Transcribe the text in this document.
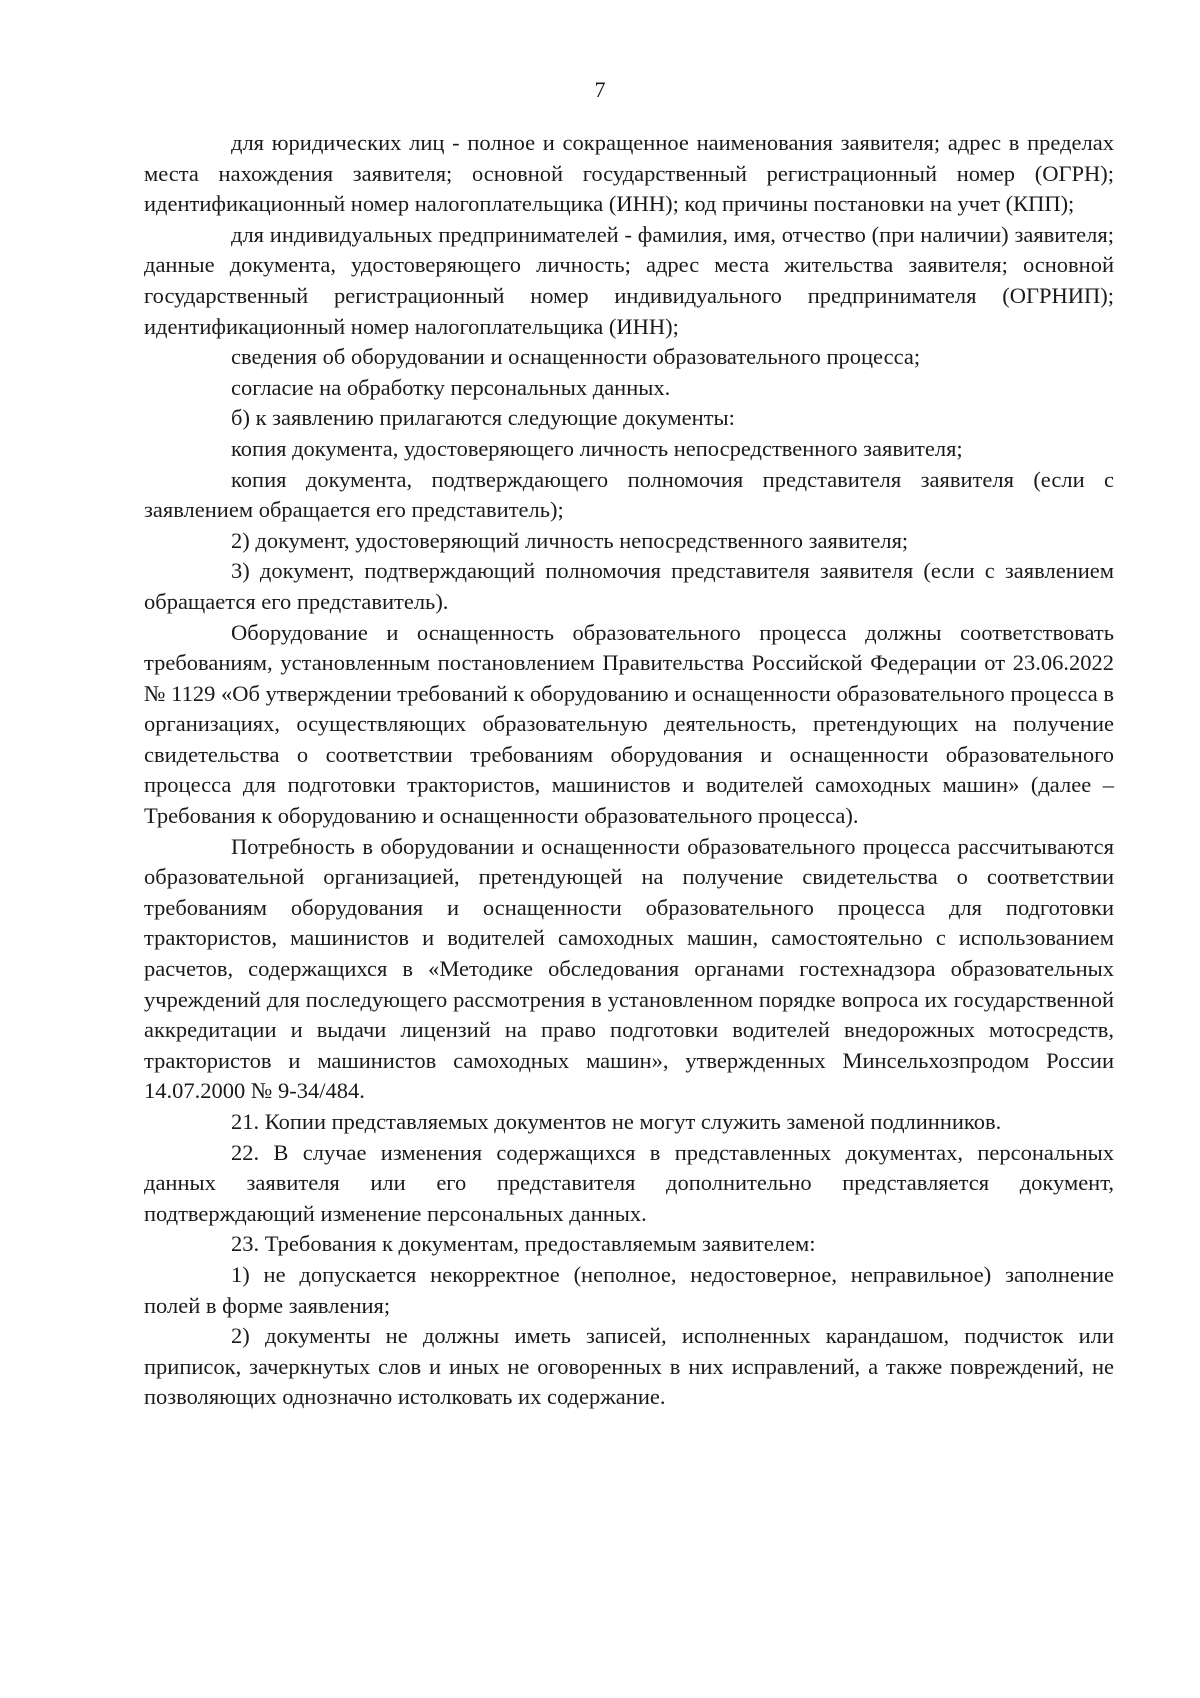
7

для юридических лиц - полное и сокращенное наименования заявителя; адрес в пределах места нахождения заявителя; основной государственный регистрационный номер (ОГРН); идентификационный номер налогоплательщика (ИНН); код причины постановки на учет (КПП);

для индивидуальных предпринимателей - фамилия, имя, отчество (при наличии) заявителя; данные документа, удостоверяющего личность; адрес места жительства заявителя; основной государственный регистрационный номер индивидуального предпринимателя (ОГРНИП); идентификационный номер налогоплательщика (ИНН);

сведения об оборудовании и оснащенности образовательного процесса;

согласие на обработку персональных данных.

б) к заявлению прилагаются следующие документы:

копия документа, удостоверяющего личность непосредственного заявителя;

копия документа, подтверждающего полномочия представителя заявителя (если с заявлением обращается его представитель);

2) документ, удостоверяющий личность непосредственного заявителя;

3) документ, подтверждающий полномочия представителя заявителя (если с заявлением обращается его представитель).

Оборудование и оснащенность образовательного процесса должны соответствовать требованиям, установленным постановлением Правительства Российской Федерации от 23.06.2022 № 1129 «Об утверждении требований к оборудованию и оснащенности образовательного процесса в организациях, осуществляющих образовательную деятельность, претендующих на получение свидетельства о соответствии требованиям оборудования и оснащенности образовательного процесса для подготовки трактористов, машинистов и водителей самоходных машин» (далее – Требования к оборудованию и оснащенности образовательного процесса).

Потребность в оборудовании и оснащенности образовательного процесса рассчитываются образовательной организацией, претендующей на получение свидетельства о соответствии требованиям оборудования и оснащенности образовательного процесса для подготовки трактористов, машинистов и водителей самоходных машин, самостоятельно с использованием расчетов, содержащихся в «Методике обследования органами гостехнадзора образовательных учреждений для последующего рассмотрения в установленном порядке вопроса их государственной аккредитации и выдачи лицензий на право подготовки водителей внедорожных мотосредств, трактористов и машинистов самоходных машин», утвержденных Минсельхозпродом России 14.07.2000 № 9-34/484.

21. Копии представляемых документов не могут служить заменой подлинников.

22. В случае изменения содержащихся в представленных документах, персональных данных заявителя или его представителя дополнительно представляется документ, подтверждающий изменение персональных данных.

23. Требования к документам, предоставляемым заявителем:

1) не допускается некорректное (неполное, недостоверное, неправильное) заполнение полей в форме заявления;

2) документы не должны иметь записей, исполненных карандашом, подчисток или приписок, зачеркнутых слов и иных не оговоренных в них исправлений, а также повреждений, не позволяющих однозначно истолковать их содержание.
